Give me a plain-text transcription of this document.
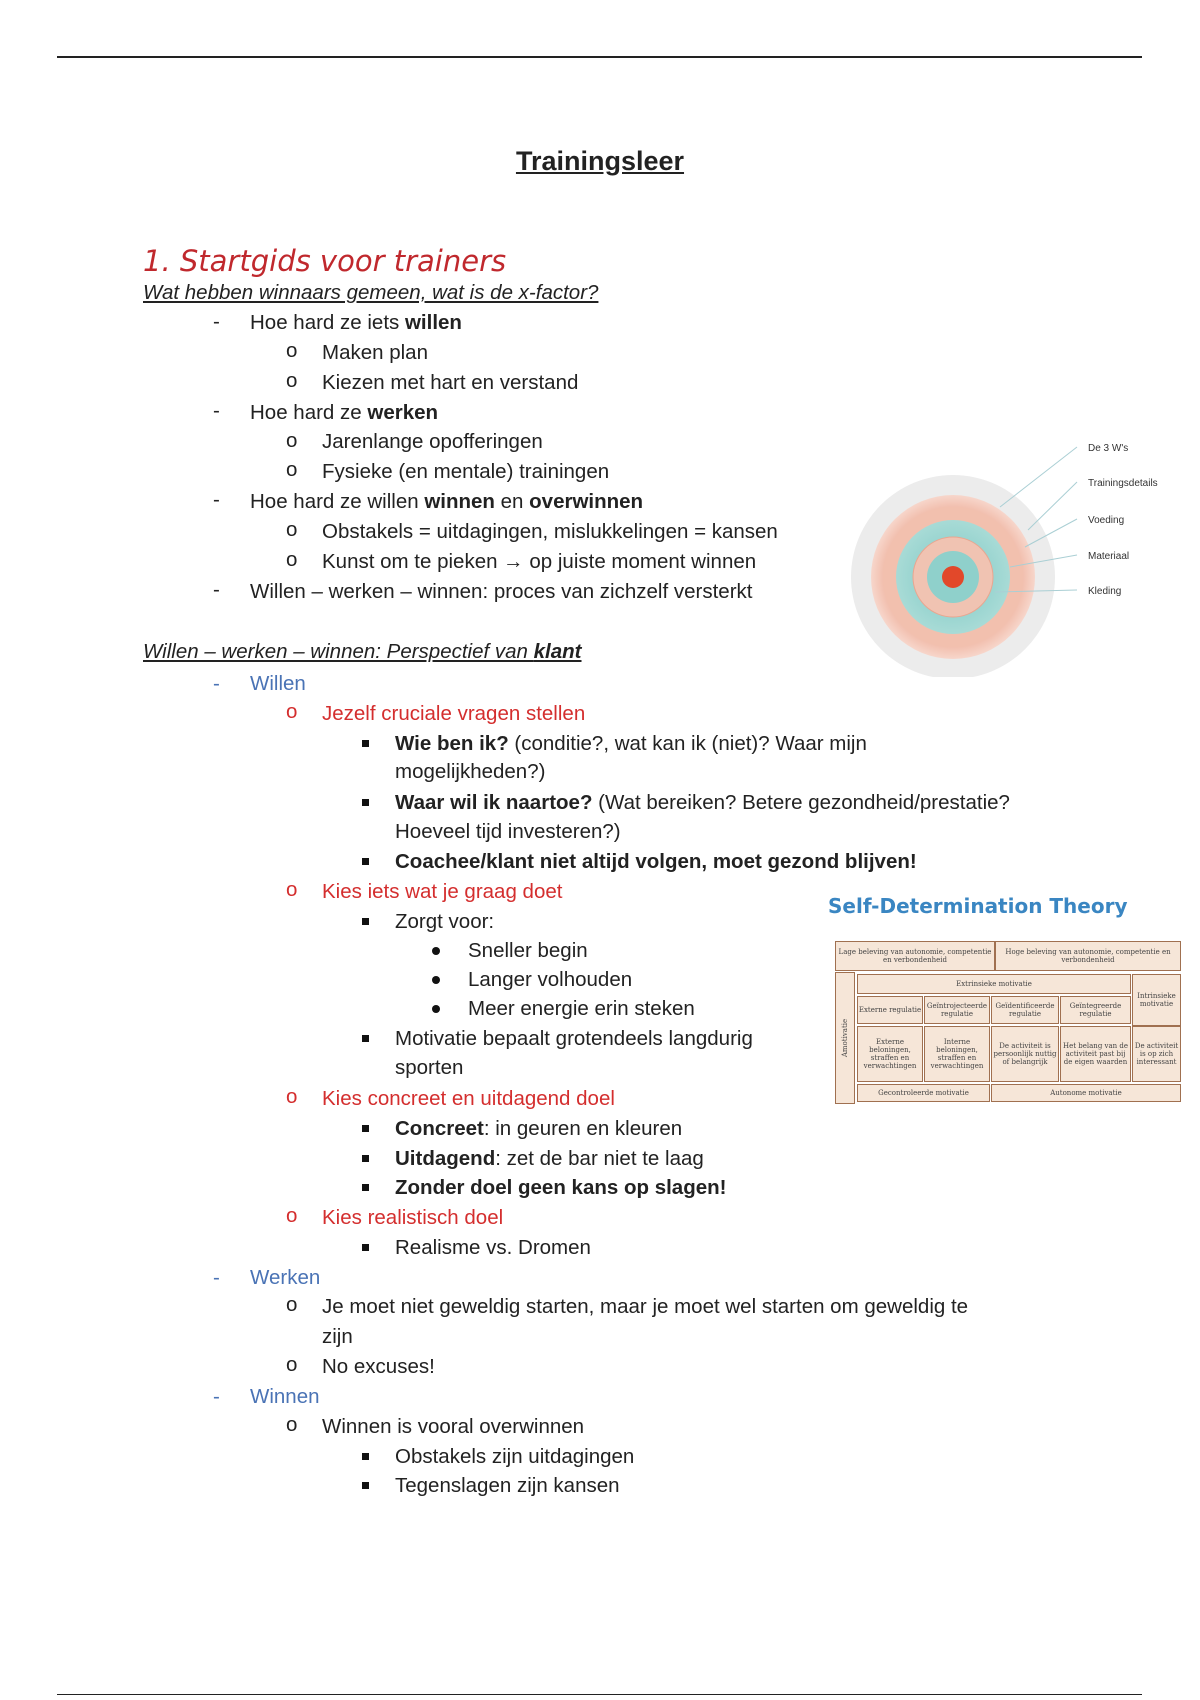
Trainingsleer
1. Startgids voor trainers
Wat hebben winnaars gemeen, wat is de x-factor?
- Hoe hard ze iets willen
o Maken plan
o Kiezen met hart en verstand
- Hoe hard ze werken
o Jarenlange opofferingen
o Fysieke (en mentale) trainingen
- Hoe hard ze willen winnen en overwinnen
o Obstakels = uitdagingen, mislukkelingen = kansen
o Kunst om te pieken → op juiste moment winnen
- Willen – werken – winnen: proces van zichzelf versterkt
De 3 W's
Trainingsdetails
Voeding
Materiaal
Kleding
Willen – werken – winnen: Perspectief van klant
- Willen
o Jezelf cruciale vragen stellen
Wie ben ik? (conditie?, wat kan ik (niet)? Waar mijn
mogelijkheden?)
Waar wil ik naartoe? (Wat bereiken? Betere gezondheid/prestatie?
Hoeveel tijd investeren?)
Coachee/klant niet altijd volgen, moet gezond blijven!
o Kies iets wat je graag doet
Zorgt voor:
Sneller begin
Langer volhouden
Meer energie erin steken
Motivatie bepaalt grotendeels langdurig
sporten
o Kies concreet en uitdagend doel
Concreet: in geuren en kleuren
Uitdagend: zet de bar niet te laag
Zonder doel geen kans op slagen!
o Kies realistisch doel
Realisme vs. Dromen
- Werken
o Je moet niet geweldig starten, maar je moet wel starten om geweldig te
zijn
o No excuses!
- Winnen
o Winnen is vooral overwinnen
Obstakels zijn uitdagingen
Tegenslagen zijn kansen
Self-Determination Theory
Lage beleving van autonomie, competentie en verbondenheid
Hoge beleving van autonomie, competentie en verbondenheid
Amotivatie
Extrinsieke motivatie
Intrinsieke motivatie
Externe regulatie Geïntrojecteerde regulatie
Geïdentificeerde regulatie
Geïntegreerde regulatie
Externe beloningen, straffen en verwachtingen
Interne beloningen, straffen en verwachtingen
De activiteit is persoonlijk nuttig of belangrijk
Het belang van de activiteit past bij de eigen waarden
De activiteit is op zich interessant
Gecontroleerde motivatie	Autonome motivatie
